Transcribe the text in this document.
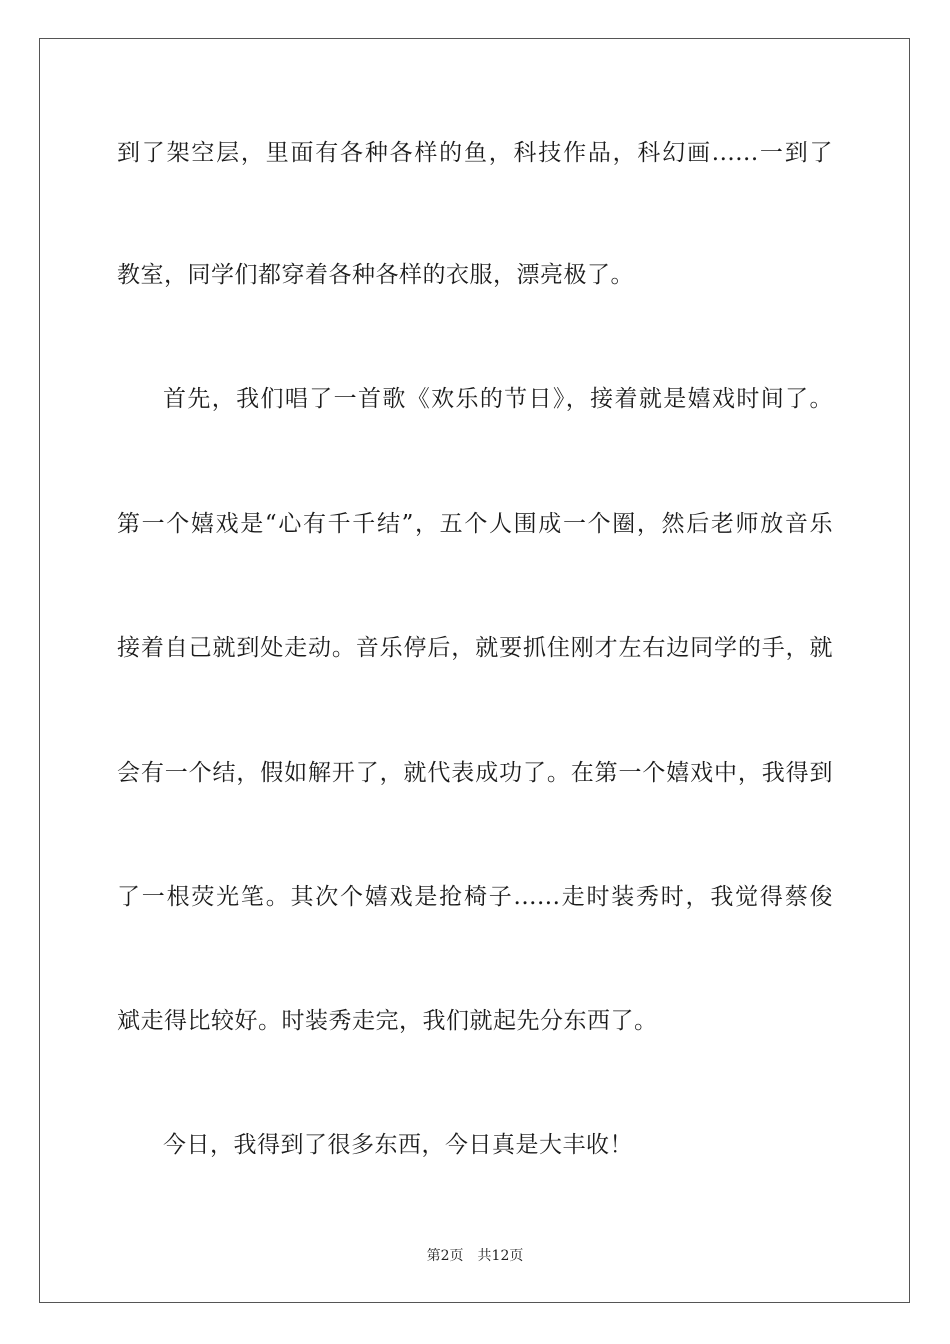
到了架空层，里面有各种各样的鱼，科技作品，科幻画......一到了
教室，同学们都穿着各种各样的衣服，漂亮极了。
首先，我们唱了一首歌《欢乐的节日》，接着就是嬉戏时间了。
第一个嬉戏是“心有千千结”，五个人围成一个圈，然后老师放音乐
接着自己就到处走动。音乐停后，就要抓住刚才左右边同学的手，就
会有一个结，假如解开了，就代表成功了。在第一个嬉戏中，我得到
了一根荧光笔。其次个嬉戏是抢椅子......走时装秀时，我觉得蔡俊
斌走得比较好。时装秀走完，我们就起先分东西了。
今日，我得到了很多东西，今日真是大丰收！
第2页 共12页
